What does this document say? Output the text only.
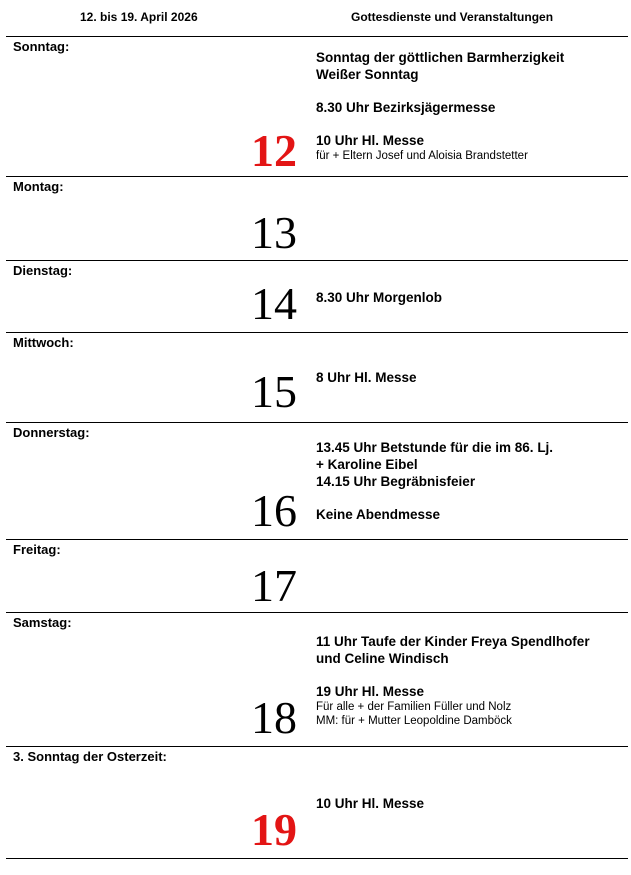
12. bis 19. April 2026	Gottesdienste und Veranstaltungen
Sonntag:
12
Sonntag der göttlichen Barmherzigkeit
Weißer Sonntag
8.30 Uhr Bezirksjägermesse
10 Uhr Hl. Messe
für + Eltern Josef und Aloisia Brandstetter
Montag:
13
Dienstag:
14 8.30 Uhr Morgenlob
Mittwoch:
15 8 Uhr Hl. Messe
Donnerstag:
16
13.45 Uhr Betstunde für die im 86. Lj.
+ Karoline Eibel
14.15 Uhr Begräbnisfeier
Keine Abendmesse
Freitag:
17
Samstag:
18
11 Uhr Taufe der Kinder Freya Spendlhofer
und Celine Windisch
19 Uhr Hl. Messe
Für alle + der Familien Füller und Nolz
MM: für + Mutter Leopoldine Damböck
3. Sonntag der Osterzeit:
19
10 Uhr Hl. Messe
